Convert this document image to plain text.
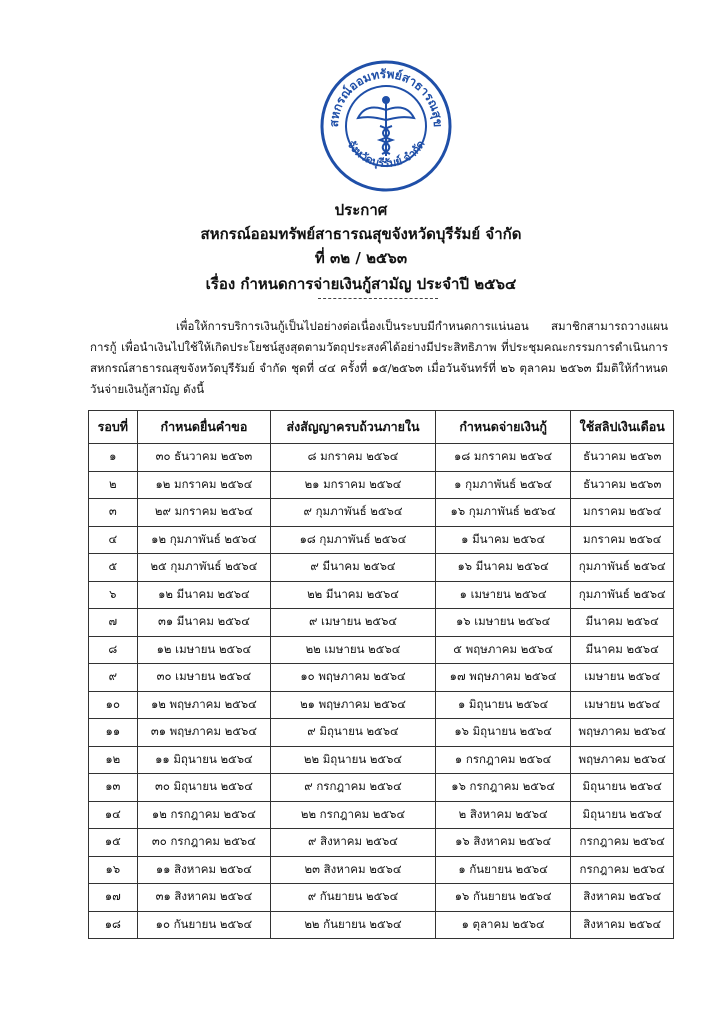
สหกรณ์ออมทรัพย์สาธารณสุข
จังหวัดบุรีรัมย์ จำกัด
ประกาศ
สหกรณ์ออมทรัพย์สาธารณสุขจังหวัดบุรีรัมย์ จำกัด
ที่ ๓๒ / ๒๕๖๓
เรื่อง กำหนดการจ่ายเงินกู้สามัญ ประจำปี ๒๕๖๔
เพื่อให้การบริการเงินกู้เป็นไปอย่างต่อเนื่องเป็นระบบมีกำหนดการแน่นอน สมาชิกสามารถวางแผนการกู้ เพื่อนำเงินไปใช้ให้เกิดประโยชน์สูงสุดตามวัตถุประสงค์ได้อย่างมีประสิทธิภาพ ที่ประชุมคณะกรรมการดำเนินการสหกรณ์สาธารณสุขจังหวัดบุรีรัมย์ จำกัด ชุดที่ ๔๔ ครั้งที่ ๑๕/๒๕๖๓ เมื่อวันจันทร์ที่ ๒๖ ตุลาคม ๒๕๖๓ มีมติให้กำหนดวันจ่ายเงินกู้สามัญ ดังนี้
รอบที่	กำหนดยื่นคำขอ	ส่งสัญญาครบถ้วนภายใน	กำหนดจ่ายเงินกู้	ใช้สลิปเงินเดือน
๑	๓๐ ธันวาคม ๒๕๖๓	๘ มกราคม ๒๕๖๔	๑๘ มกราคม ๒๕๖๔	ธันวาคม ๒๕๖๓
๒	๑๒ มกราคม ๒๕๖๔	๒๑ มกราคม ๒๕๖๔	๑ กุมภาพันธ์ ๒๕๖๔	ธันวาคม ๒๕๖๓
๓	๒๙ มกราคม ๒๕๖๔	๙ กุมภาพันธ์ ๒๕๖๔	๑๖ กุมภาพันธ์ ๒๕๖๔	มกราคม ๒๕๖๔
๔	๑๒ กุมภาพันธ์ ๒๕๖๔	๑๘ กุมภาพันธ์ ๒๕๖๔	๑ มีนาคม ๒๕๖๔	มกราคม ๒๕๖๔
๕	๒๕ กุมภาพันธ์ ๒๕๖๔	๙ มีนาคม ๒๕๖๔	๑๖ มีนาคม ๒๕๖๔	กุมภาพันธ์ ๒๕๖๔
๖	๑๒ มีนาคม ๒๕๖๔	๒๒ มีนาคม ๒๕๖๔	๑ เมษายน ๒๕๖๔	กุมภาพันธ์ ๒๕๖๔
๗	๓๑ มีนาคม ๒๕๖๔	๙ เมษายน ๒๕๖๔	๑๖ เมษายน ๒๕๖๔	มีนาคม ๒๕๖๔
๘	๑๒ เมษายน ๒๕๖๔	๒๒ เมษายน ๒๕๖๔	๕ พฤษภาคม ๒๕๖๔	มีนาคม ๒๕๖๔
๙	๓๐ เมษายน ๒๕๖๔	๑๐ พฤษภาคม ๒๕๖๔	๑๗ พฤษภาคม ๒๕๖๔	เมษายน ๒๕๖๔
๑๐	๑๒ พฤษภาคม ๒๕๖๔	๒๑ พฤษภาคม ๒๕๖๔	๑ มิถุนายน ๒๕๖๔	เมษายน ๒๕๖๔
๑๑	๓๑ พฤษภาคม ๒๕๖๔	๙ มิถุนายน ๒๕๖๔	๑๖ มิถุนายน ๒๕๖๔	พฤษภาคม ๒๕๖๔
๑๒	๑๑ มิถุนายน ๒๕๖๔	๒๒ มิถุนายน ๒๕๖๔	๑ กรกฎาคม ๒๕๖๔	พฤษภาคม ๒๕๖๔
๑๓	๓๐ มิถุนายน ๒๕๖๔	๙ กรกฎาคม ๒๕๖๔	๑๖ กรกฎาคม ๒๕๖๔	มิถุนายน ๒๕๖๔
๑๔	๑๒ กรกฎาคม ๒๕๖๔	๒๒ กรกฎาคม ๒๕๖๔	๒ สิงหาคม ๒๕๖๔	มิถุนายน ๒๕๖๔
๑๕	๓๐ กรกฎาคม ๒๕๖๔	๙ สิงหาคม ๒๕๖๔	๑๖ สิงหาคม ๒๕๖๔	กรกฎาคม ๒๕๖๔
๑๖	๑๑ สิงหาคม ๒๕๖๔	๒๓ สิงหาคม ๒๕๖๔	๑ กันยายน ๒๕๖๔	กรกฎาคม ๒๕๖๔
๑๗	๓๑ สิงหาคม ๒๕๖๔	๙ กันยายน ๒๕๖๔	๑๖ กันยายน ๒๕๖๔	สิงหาคม ๒๕๖๔
๑๘	๑๐ กันยายน ๒๕๖๔	๒๒ กันยายน ๒๕๖๔	๑ ตุลาคม ๒๕๖๔	สิงหาคม ๒๕๖๔
